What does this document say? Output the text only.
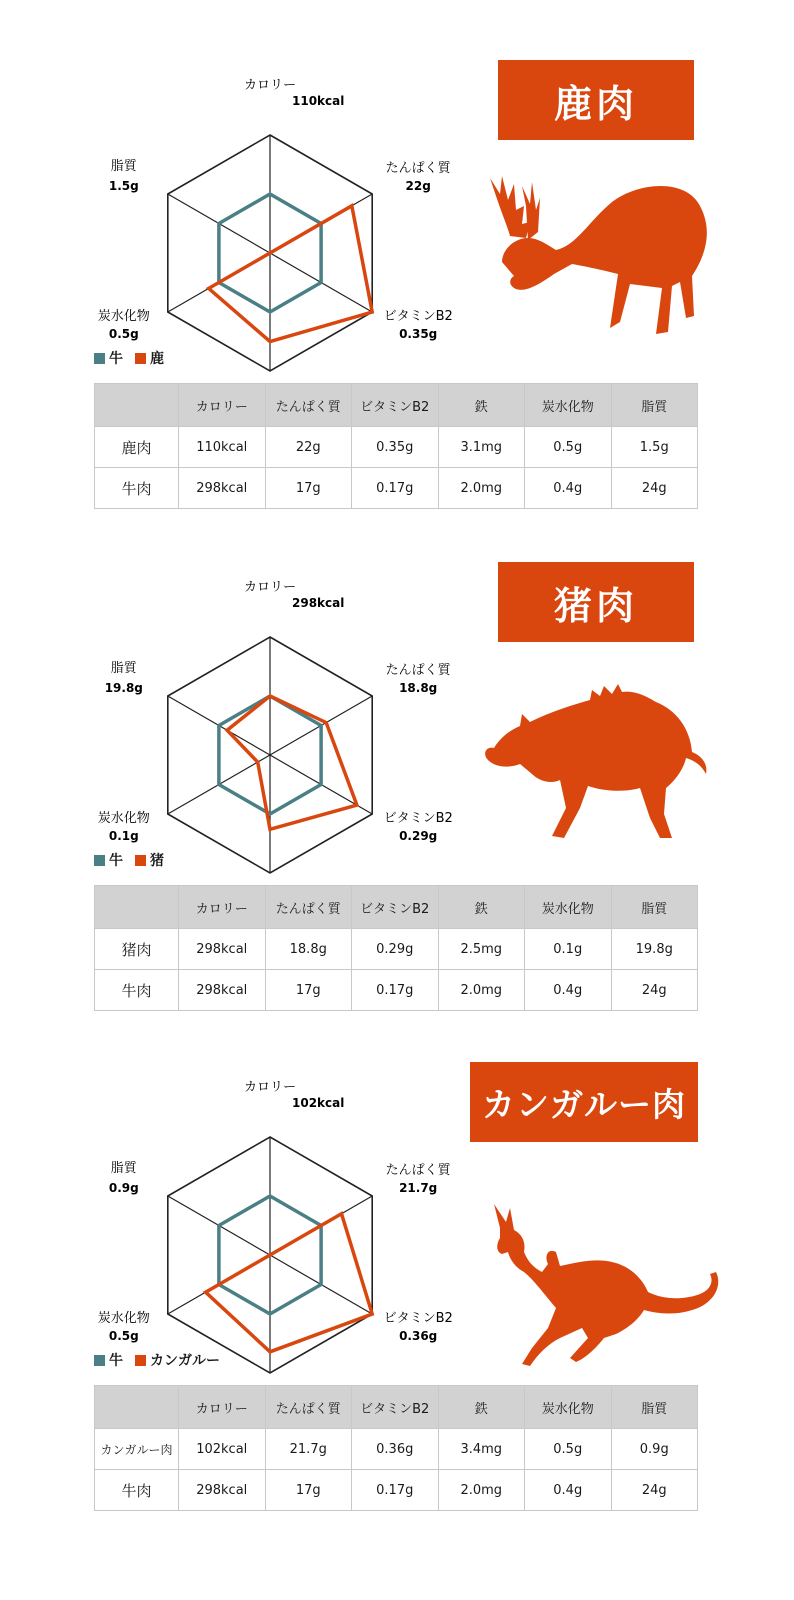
カロリー
110kcal
たんぱく質
22g
ビタミンB2
0.35g
炭水化物
0.5g
脂質
1.5g
鹿肉
牛 鹿
	カロリー	たんぱく質	ビタミンB2	鉄	炭水化物	脂質
鹿肉	110kcal	22g	0.35g	3.1mg	0.5g	1.5g
牛肉	298kcal	17g	0.17g	2.0mg	0.4g	24g
カロリー
298kcal
たんぱく質
18.8g
ビタミンB2
0.29g
炭水化物
0.1g
脂質
19.8g
猪肉
牛 猪
	カロリー	たんぱく質	ビタミンB2	鉄	炭水化物	脂質
猪肉	298kcal	18.8g	0.29g	2.5mg	0.1g	19.8g
牛肉	298kcal	17g	0.17g	2.0mg	0.4g	24g
カロリー
102kcal
たんぱく質
21.7g
ビタミンB2
0.36g
炭水化物
0.5g
脂質
0.9g
カンガルー肉
牛 カンガルー
	カロリー	たんぱく質	ビタミンB2	鉄	炭水化物	脂質
カンガルー肉	102kcal	21.7g	0.36g	3.4mg	0.5g	0.9g
牛肉	298kcal	17g	0.17g	2.0mg	0.4g	24g
